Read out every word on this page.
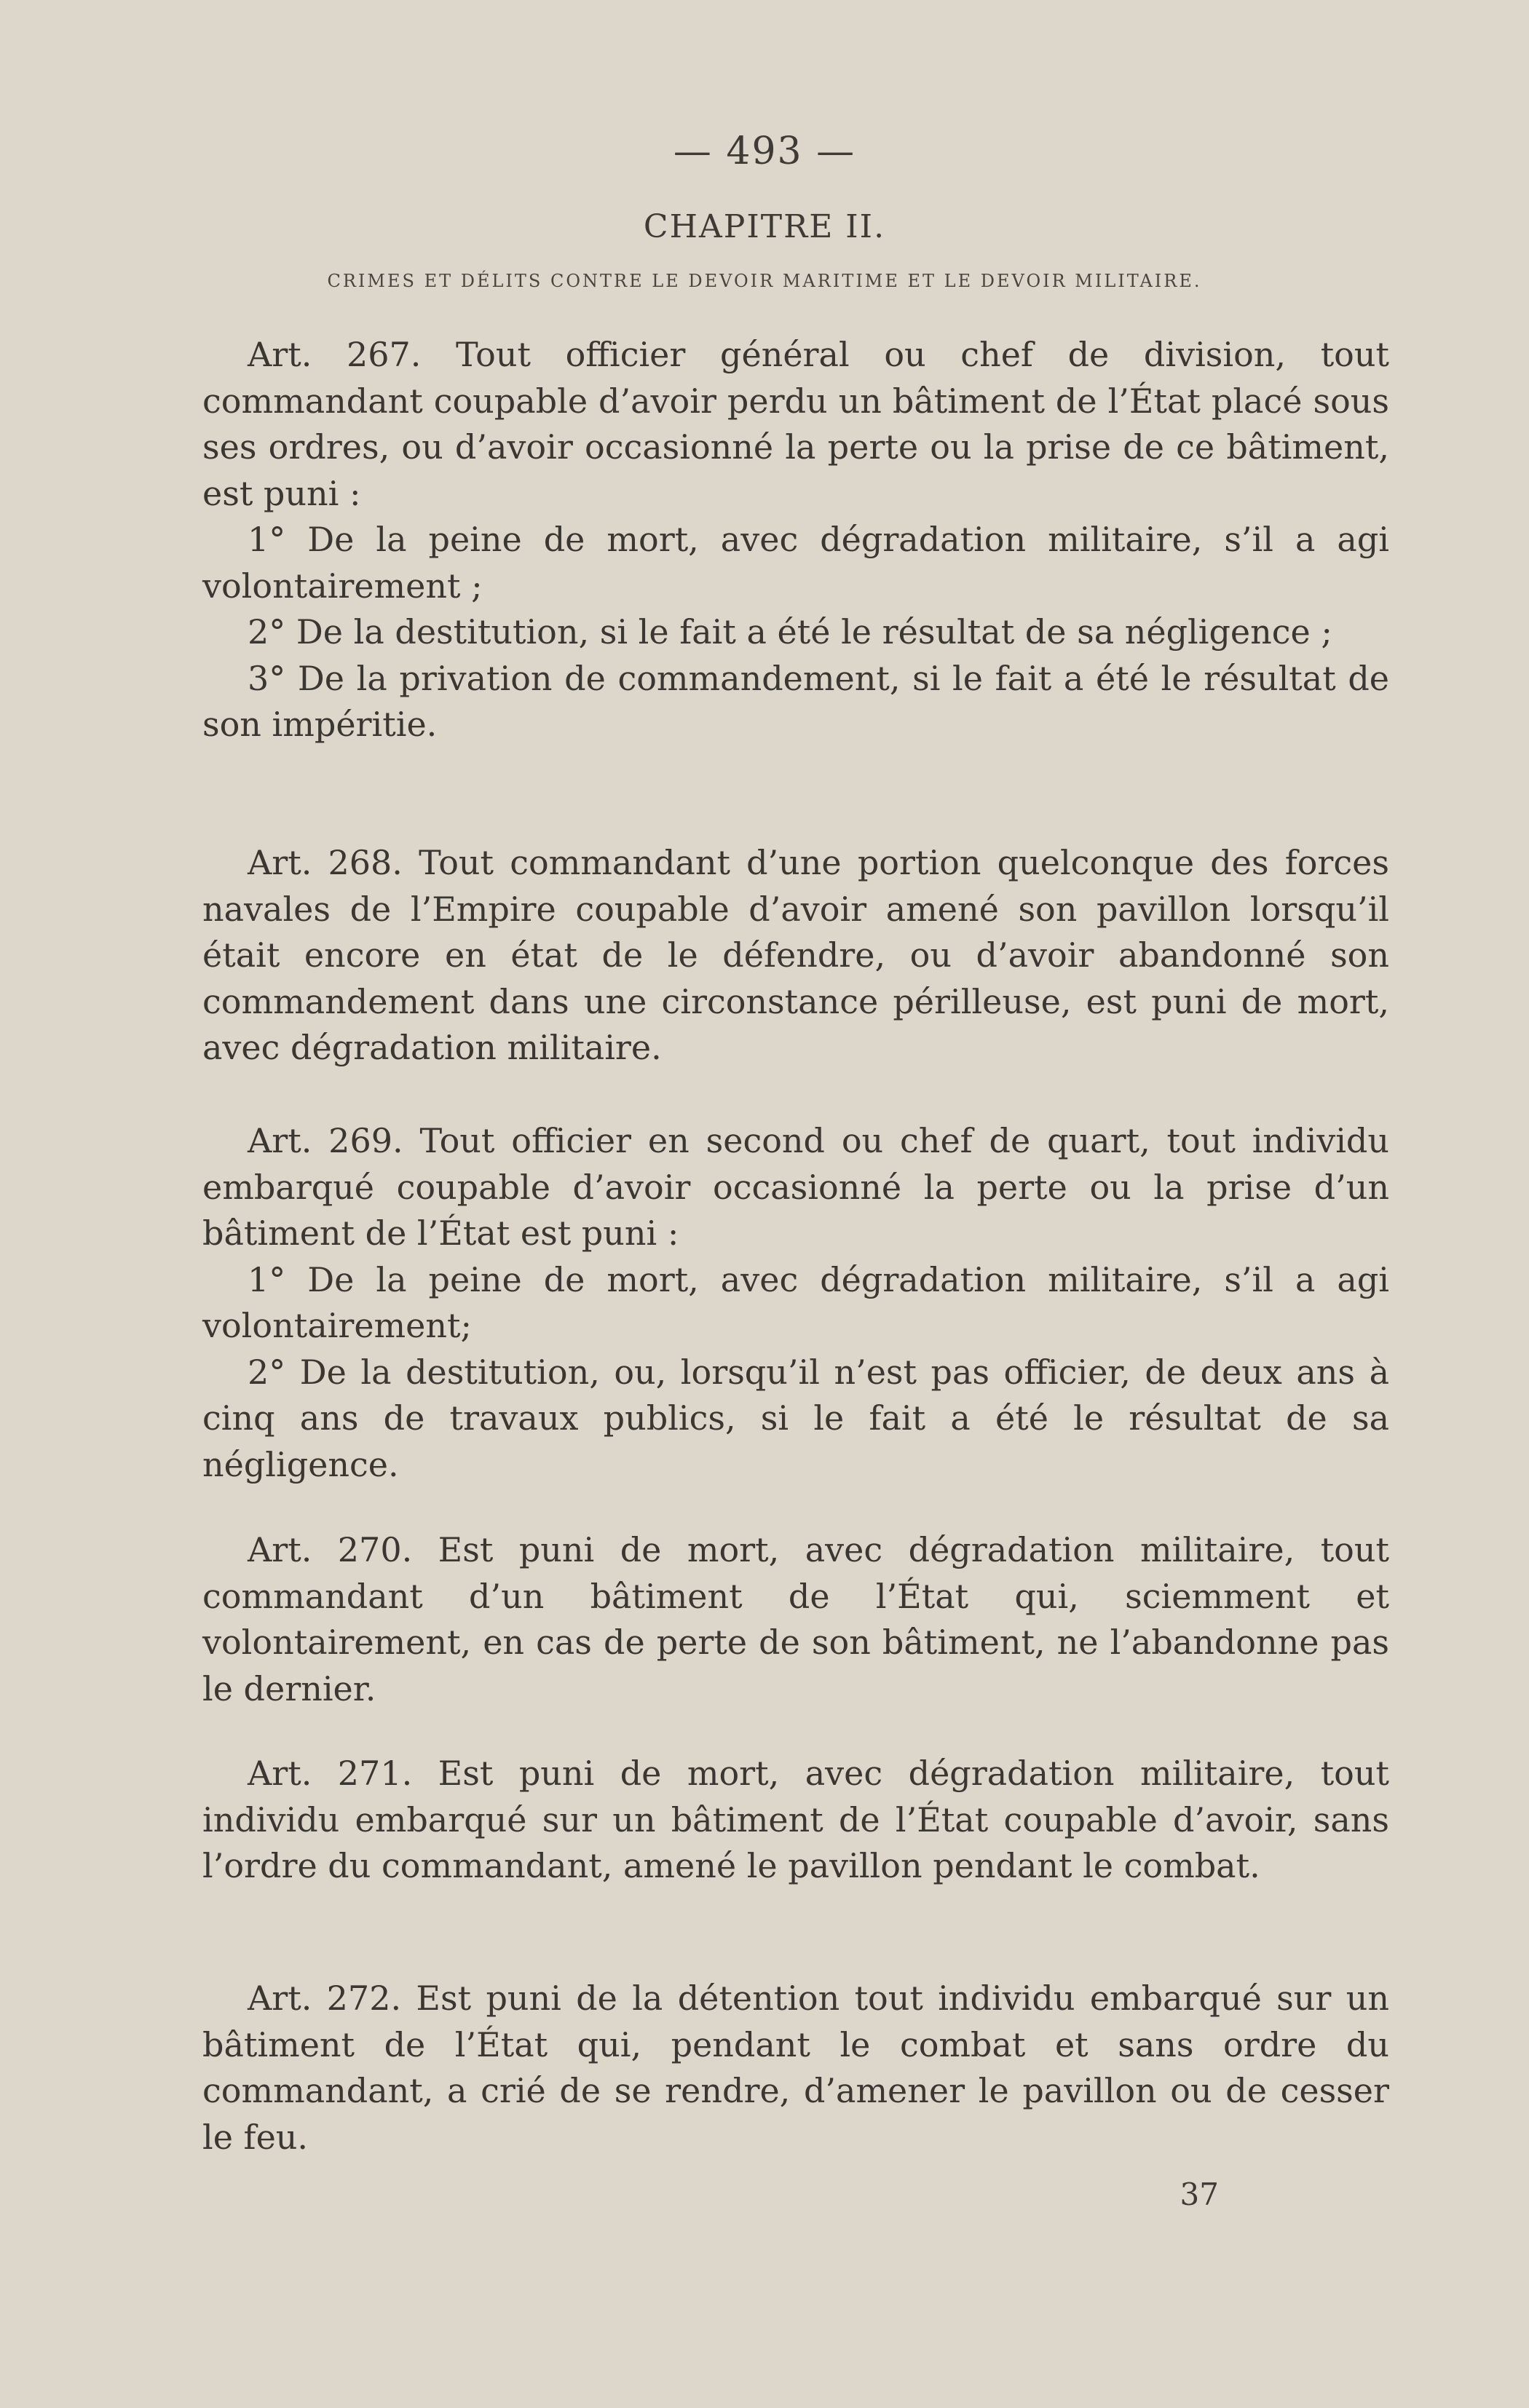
— 493 —
CHAPITRE II.
CRIMES ET DÉLITS CONTRE LE DEVOIR MARITIME ET LE DEVOIR MILITAIRE.

Art. 267. Tout officier général ou chef de division, tout commandant coupable d’avoir perdu un bâtiment de l’État placé sous ses ordres, ou d’avoir occasionné la perte ou la prise de ce bâtiment, est puni :

1° De la peine de mort, avec dégradation militaire, s’il a agi volontairement ;

2° De la destitution, si le fait a été le résultat de sa négligence ;

3° De la privation de commandement, si le fait a été le résultat de son impéritie.

Art. 268. Tout commandant d’une portion quelconque des forces navales de l’Empire coupable d’avoir amené son pavillon lorsqu’il était encore en état de le défendre, ou d’avoir abandonné son commandement dans une circonstance périlleuse, est puni de mort, avec dégradation militaire.

Art. 269. Tout officier en second ou chef de quart, tout individu embarqué coupable d’avoir occasionné la perte ou la prise d’un bâtiment de l’État est puni :

1° De la peine de mort, avec dégradation militaire, s’il a agi volontairement;

2° De la destitution, ou, lorsqu’il n’est pas officier, de deux ans à cinq ans de travaux publics, si le fait a été le résultat de sa négligence.

Art. 270. Est puni de mort, avec dégradation militaire, tout commandant d’un bâtiment de l’État qui, sciemment et volontairement, en cas de perte de son bâtiment, ne l’abandonne pas le dernier.

Art. 271. Est puni de mort, avec dégradation militaire, tout individu embarqué sur un bâtiment de l’État coupable d’avoir, sans l’ordre du commandant, amené le pavillon pendant le combat.

Art. 272. Est puni de la détention tout individu embarqué sur un bâtiment de l’État qui, pendant le combat et sans ordre du commandant, a crié de se rendre, d’amener le pavillon ou de cesser le feu.

37
